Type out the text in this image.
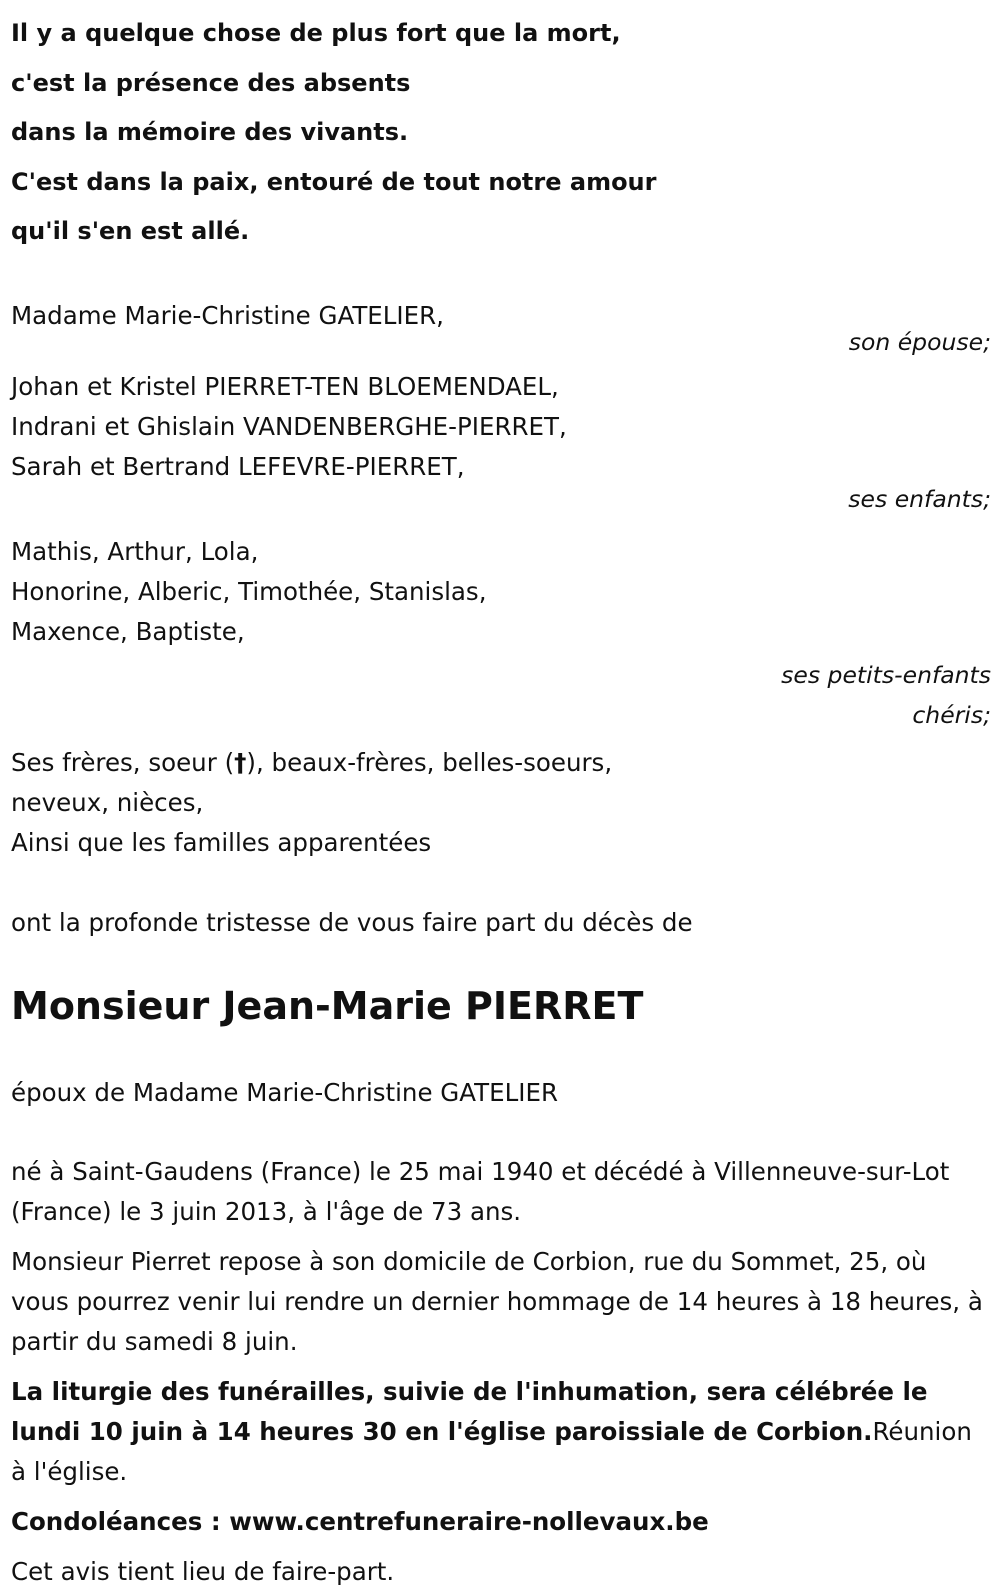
Il y a quelque chose de plus fort que la mort,
c'est la présence des absents
dans la mémoire des vivants.
C'est dans la paix, entouré de tout notre amour
qu'il s'en est allé.
Madame Marie-Christine GATELIER,
son épouse;
Johan et Kristel PIERRET-TEN BLOEMENDAEL,
Indrani et Ghislain VANDENBERGHE-PIERRET,
Sarah et Bertrand LEFEVRE-PIERRET,
ses enfants;
Mathis, Arthur, Lola,
Honorine, Alberic, Timothée, Stanislas,
Maxence, Baptiste,
ses petits-enfants
chéris;
Ses frères, soeur (†), beaux-frères, belles-soeurs,
neveux, nièces,
Ainsi que les familles apparentées
ont la profonde tristesse de vous faire part du décès de
Monsieur Jean-Marie PIERRET
époux de Madame Marie-Christine GATELIER
né à Saint-Gaudens (France) le 25 mai 1940 et décédé à Villenneuve-sur-Lot (France) le 3 juin 2013, à l'âge de 73 ans.
Monsieur Pierret repose à son domicile de Corbion, rue du Sommet, 25, où vous pourrez venir lui rendre un dernier hommage de 14 heures à 18 heures, à partir du samedi 8 juin.
La liturgie des funérailles, suivie de l'inhumation, sera célébrée le lundi 10 juin à 14 heures 30 en l'église paroissiale de Corbion.Réunion à l'église.
Condoléances : www.centrefuneraire-nollevaux.be
Cet avis tient lieu de faire-part.
